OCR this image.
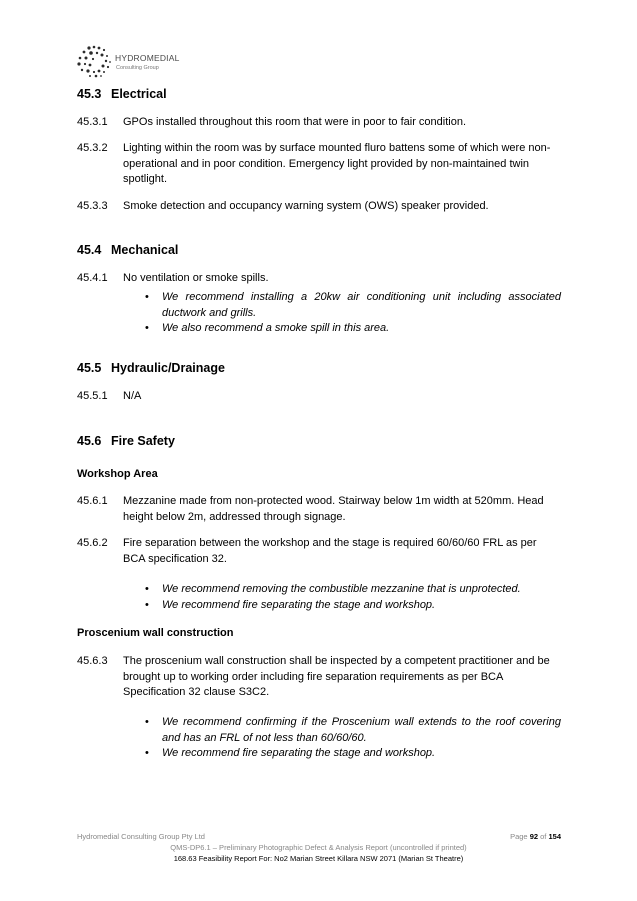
HYDROMEDIAL
Consulting Group
45.3 Electrical
45.3.1 GPOs installed throughout this room that were in poor to fair condition.
45.3.2 Lighting within the room was by surface mounted fluro battens some of which were non-operational and in poor condition. Emergency light provided by non-maintained twin spotlight.
45.3.3 Smoke detection and occupancy warning system (OWS) speaker provided.
45.4 Mechanical
45.4.1 No ventilation or smoke spills.
• We recommend installing a 20kw air conditioning unit including associated ductwork and grills.
• We also recommend a smoke spill in this area.
45.5 Hydraulic/Drainage
45.5.1 N/A
45.6 Fire Safety
Workshop Area
45.6.1 Mezzanine made from non-protected wood. Stairway below 1m width at 520mm. Head height below 2m, addressed through signage.
45.6.2 Fire separation between the workshop and the stage is required 60/60/60 FRL as per BCA specification 32.
• We recommend removing the combustible mezzanine that is unprotected.
• We recommend fire separating the stage and workshop.
Proscenium wall construction
45.6.3 The proscenium wall construction shall be inspected by a competent practitioner and be brought up to working order including fire separation requirements as per BCA Specification 32 clause S3C2.
• We recommend confirming if the Proscenium wall extends to the roof covering and has an FRL of not less than 60/60/60.
• We recommend fire separating the stage and workshop.
Hydromedial Consulting Group Pty Ltd	Page 92 of 154
QMS-DP6.1 – Preliminary Photographic Defect & Analysis Report (uncontrolled if printed)
168.63 Feasibility Report For: No2 Marian Street Killara NSW 2071 (Marian St Theatre)
